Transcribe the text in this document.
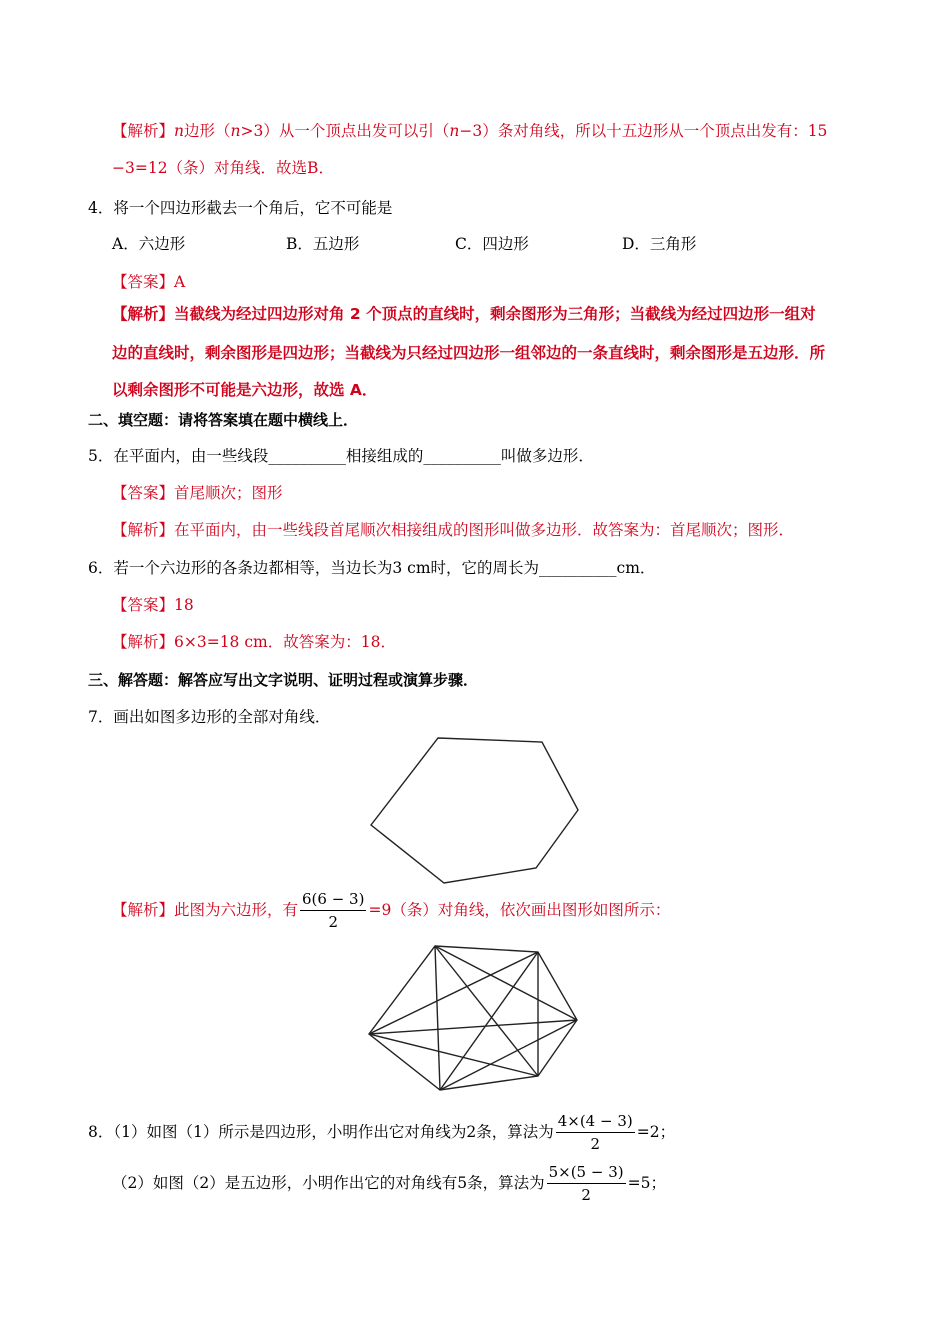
【解析】n边形（n>3）从一个顶点出发可以引（n−3）条对角线，所以十五边形从一个顶点出发有：15
−3=12（条）对角线．故选B．
4．将一个四边形截去一个角后，它不可能是
A．六边形	B．五边形	C．四边形	D．三角形
【答案】A
【解析】当截线为经过四边形对角 2 个顶点的直线时，剩余图形为三角形；当截线为经过四边形一组对
边的直线时，剩余图形是四边形；当截线为只经过四边形一组邻边的一条直线时，剩余图形是五边形．所
以剩余图形不可能是六边形，故选 A．
二、填空题：请将答案填在题中横线上．
5．在平面内，由一些线段__________相接组成的__________叫做多边形．
【答案】首尾顺次；图形
【解析】在平面内，由一些线段首尾顺次相接组成的图形叫做多边形．故答案为：首尾顺次；图形．
6．若一个六边形的各条边都相等，当边长为3 cm时，它的周长为__________cm．
【答案】18
【解析】6×3=18 cm．故答案为：18．
三、解答题：解答应写出文字说明、证明过程或演算步骤．
7．画出如图多边形的全部对角线．
【解析】此图为六边形，有 $\frac{6(6 - 3)}{2} =9$（条）对角线，依次画出图形如图所示：
8．（1）如图（1）所示是四边形，小明作出它对角线为2条，算法为 $\frac{4\times(4 - 3)}{2} =2$；
（2）如图（2）是五边形，小明作出它的对角线有5条，算法为 $\frac{5\times(5 - 3)}{2} =5$；
